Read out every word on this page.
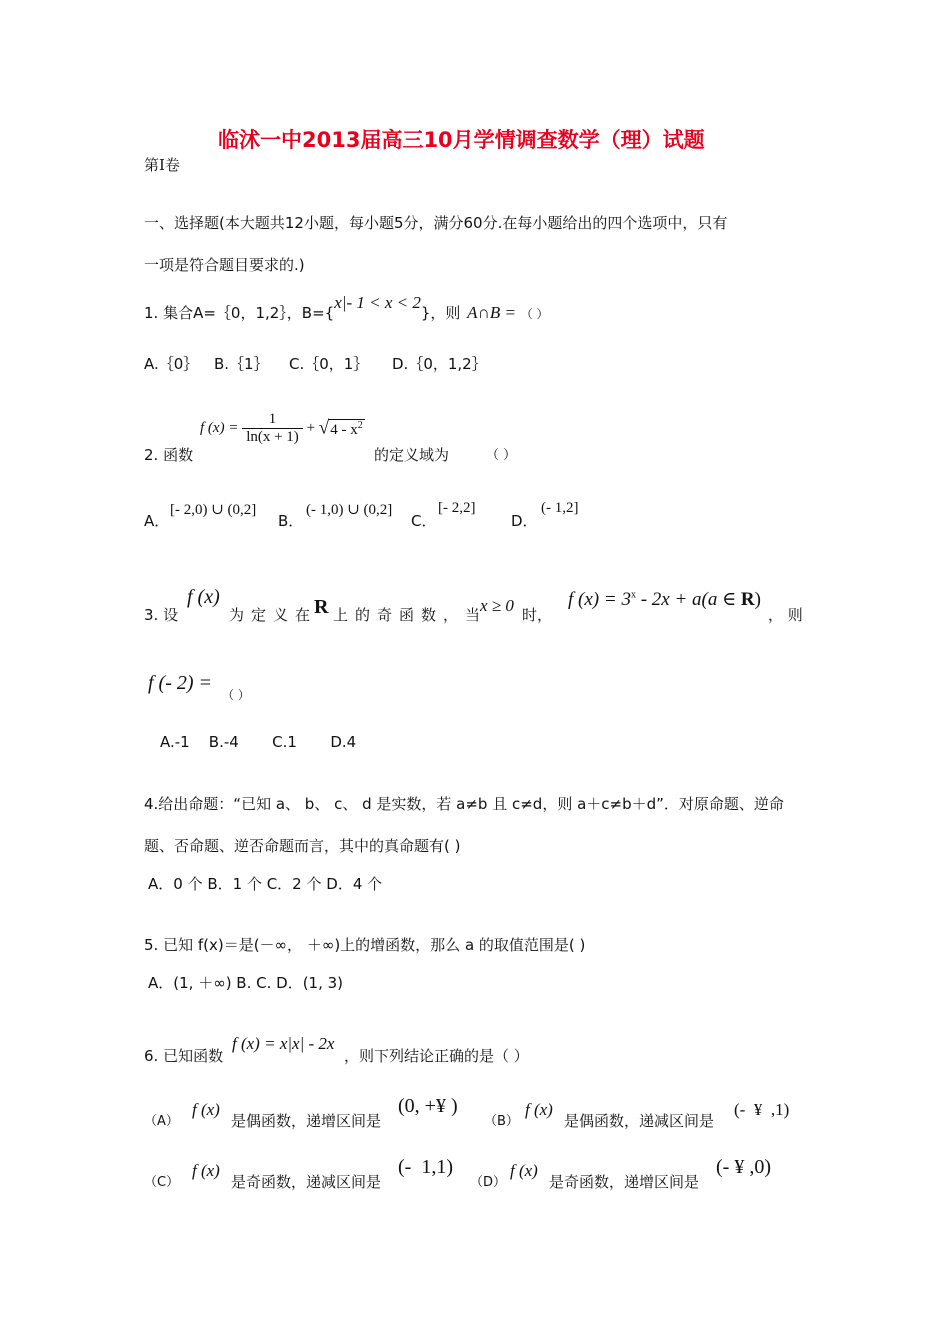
临沭一中2013届高三10月学情调查数学（理）试题
第Ⅰ卷
一、选择题(本大题共12小题，每小题5分，满分60分.在每小题给出的四个选项中，只有
一项是符合题目要求的.)
1. 集合A=｛0，1,2｝，B={x|- 1 < x < 2}，则 A∩B = （ ）
A.｛0｝ B.｛1｝ C.｛0，1｝ D.｛0，1,2｝
2. 函数
f $(x) = \frac{1}{\ln(x + 1)} + √4 - x^2$
的定义域为	（ ）
A．
[- 2,0) ∪ (0,2]
B．
(- 1,0) ∪ (0,2]
C．
[- 2,2]
D．
(- 1,2]
3. 设
f (x)
为定义在
R 上的奇函数，当
x ≥ 0 时，
f $(x) = 3^x - 2x + a(a$ ∈ R)
， 则
f (- 2) =
（ ）
A.-1    B.-4       C.1       D.4
4.给出命题：“已知 a、 b、 c、 d 是实数，若 a≠b 且 c≠d，则 a＋c≠b＋d”．对原命题、逆命
题、否命题、逆否命题而言，其中的真命题有( )
A．0 个 B．1 个 C．2 个 D．4 个
5. 已知 f(x)＝是(－∞， ＋∞)上的增函数，那么 a 的取值范围是( )
A．(1, ＋∞) B. C. D．(1, 3)
6. 已知函数
f (x) = x|x| - 2x
，则下列结论正确的是（ ）
（A）
f (x)
是偶函数，递增区间是
(0, +¥ )
（B）
f (x)
是偶函数，递减区间是
(-  ¥  ,1)
（C）
f (x)
是奇函数，递减区间是
(-  1,1)
（D）
f (x)
是奇函数，递增区间是
(- ¥ ,0)
